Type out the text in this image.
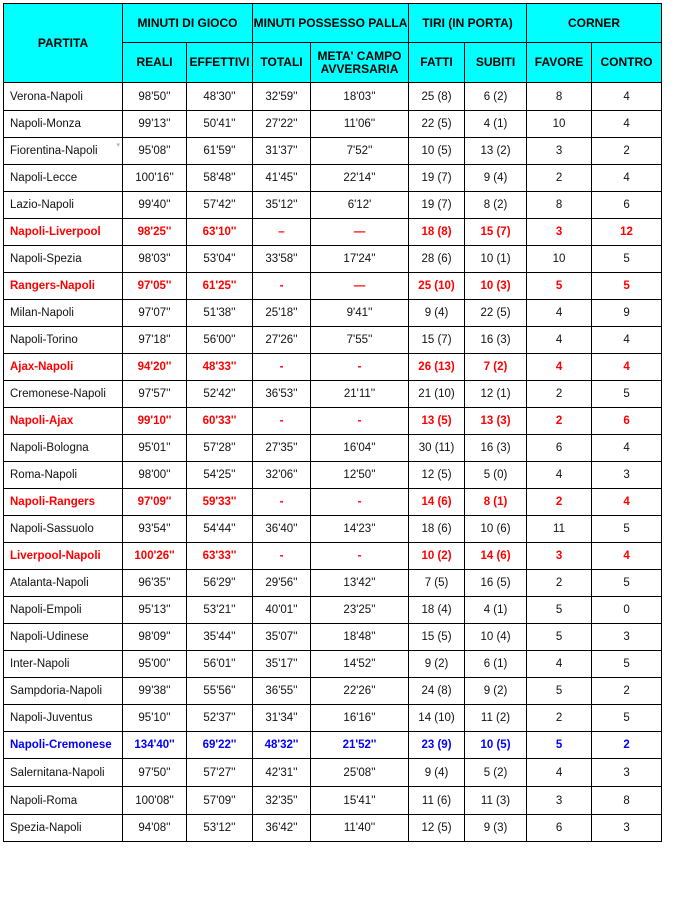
PARTITA	MINUTI DI GIOCO		MINUTI POSSESSO PALLA		TIRI (IN PORTA)		CORNER	
	REALI	EFFETTIVI	TOTALI	META' CAMPO AVVERSARIA	FATTI	SUBITI	FAVORE	CONTRO
Verona-Napoli	98'50''	48'30''	32'59''	18'03''	25 (8)	6 (2)	8	4
Napoli-Monza	99'13''	50'41''	27'22''	11'06''	22 (5)	4 (1)	10	4
Fiorentina-Napoli ▾	95'08''	61'59''	31'37''	7'52''	10 (5)	13 (2)	3	2
Napoli-Lecce	100'16''	58'48''	41'45''	22'14''	19 (7)	9 (4)	2	4
Lazio-Napoli	99'40''	57'42''	35'12''	6'12'	19 (7)	8 (2)	8	6
Napoli-Liverpool	98'25''	63'10''	–	—	18 (8)	15 (7)	3	12
Napoli-Spezia	98'03''	53'04''	33'58''	17'24''	28 (6)	10 (1)	10	5
Rangers-Napoli	97'05''	61'25''	-	—	25 (10)	10 (3)	5	5
Milan-Napoli	97'07''	51'38''	25'18''	9'41''	9 (4)	22 (5)	4	9
Napoli-Torino	97'18''	56'00''	27'26''	7'55''	15 (7)	16 (3)	4	4
Ajax-Napoli	94'20''	48'33''	-	-	26 (13)	7 (2)	4	4
Cremonese-Napoli	97'57''	52'42''	36'53''	21'11''	21 (10)	12 (1)	2	5
Napoli-Ajax	99'10''	60'33''	-	-	13 (5)	13 (3)	2	6
Napoli-Bologna	95'01''	57'28''	27'35''	16'04''	30 (11)	16 (3)	6	4
Roma-Napoli	98'00''	54'25''	32'06''	12'50''	12 (5)	5 (0)	4	3
Napoli-Rangers	97'09''	59'33''	-	-	14 (6)	8 (1)	2	4
Napoli-Sassuolo	93'54''	54'44''	36'40''	14'23''	18 (6)	10 (6)	11	5
Liverpool-Napoli	100'26''	63'33''	-	-	10 (2)	14 (6)	3	4
Atalanta-Napoli	96'35''	56'29''	29'56''	13'42''	7 (5)	16 (5)	2	5
Napoli-Empoli	95'13''	53'21''	40'01''	23'25''	18 (4)	4 (1)	5	0
Napoli-Udinese	98'09''	35'44''	35'07''	18'48''	15 (5)	10 (4)	5	3
Inter-Napoli	95'00''	56'01''	35'17''	14'52''	9 (2)	6 (1)	4	5
Sampdoria-Napoli	99'38''	55'56''	36'55''	22'26''	24 (8)	9 (2)	5	2
Napoli-Juventus	95'10''	52'37''	31'34''	16'16''	14 (10)	11 (2)	2	5
Napoli-Cremonese	134'40''	69'22''	48'32''	21'52''	23 (9)	10 (5)	5	2
Salernitana-Napoli	97'50''	57'27''	42'31''	25'08''	9 (4)	5 (2)	4	3
Napoli-Roma	100'08''	57'09''	32'35''	15'41''	11 (6)	11 (3)	3	8
Spezia-Napoli	94'08''	53'12''	36'42''	11'40''	12 (5)	9 (3)	6	3
